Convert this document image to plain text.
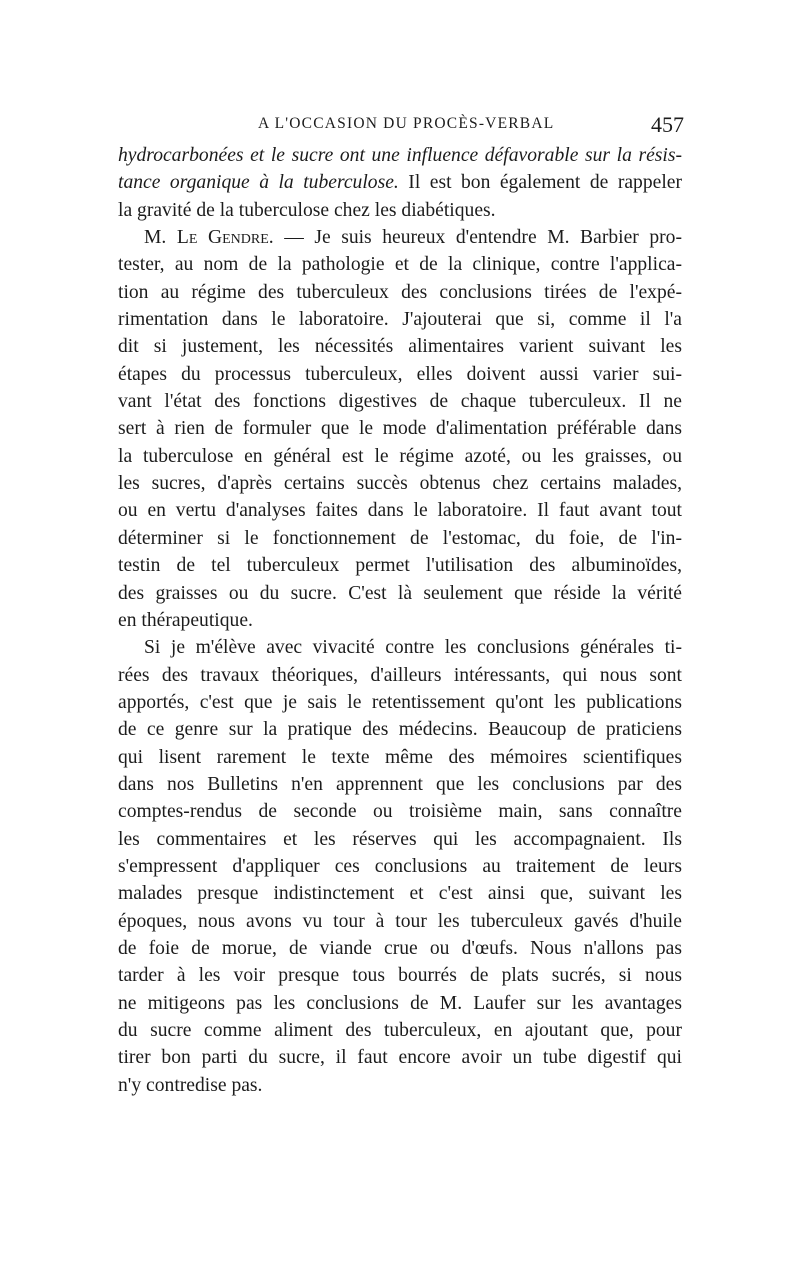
A L'OCCASION DU PROCÈS-VERBAL	457
hydrocarbonées et le sucre ont une influence défavorable sur la résis-
tance organique à la tuberculose. Il est bon également de rappeler
la gravité de la tuberculose chez les diabétiques.
M. Le Gendre. — Je suis heureux d'entendre M. Barbier pro-
tester, au nom de la pathologie et de la clinique, contre l'applica-
tion au régime des tuberculeux des conclusions tirées de l'expé-
rimentation dans le laboratoire. J'ajouterai que si, comme il l'a
dit si justement, les nécessités alimentaires varient suivant les
étapes du processus tuberculeux, elles doivent aussi varier sui-
vant l'état des fonctions digestives de chaque tuberculeux. Il ne
sert à rien de formuler que le mode d'alimentation préférable dans
la tuberculose en général est le régime azoté, ou les graisses, ou
les sucres, d'après certains succès obtenus chez certains malades,
ou en vertu d'analyses faites dans le laboratoire. Il faut avant tout
déterminer si le fonctionnement de l'estomac, du foie, de l'in-
testin de tel tuberculeux permet l'utilisation des albuminoïdes,
des graisses ou du sucre. C'est là seulement que réside la vérité
en thérapeutique.
Si je m'élève avec vivacité contre les conclusions générales ti-
rées des travaux théoriques, d'ailleurs intéressants, qui nous sont
apportés, c'est que je sais le retentissement qu'ont les publications
de ce genre sur la pratique des médecins. Beaucoup de praticiens
qui lisent rarement le texte même des mémoires scientifiques
dans nos Bulletins n'en apprennent que les conclusions par des
comptes-rendus de seconde ou troisième main, sans connaître
les commentaires et les réserves qui les accompagnaient. Ils
s'empressent d'appliquer ces conclusions au traitement de leurs
malades presque indistinctement et c'est ainsi que, suivant les
époques, nous avons vu tour à tour les tuberculeux gavés d'huile
de foie de morue, de viande crue ou d'œufs. Nous n'allons pas
tarder à les voir presque tous bourrés de plats sucrés, si nous
ne mitigeons pas les conclusions de M. Laufer sur les avantages
du sucre comme aliment des tuberculeux, en ajoutant que, pour
tirer bon parti du sucre, il faut encore avoir un tube digestif qui
n'y contredise pas.
